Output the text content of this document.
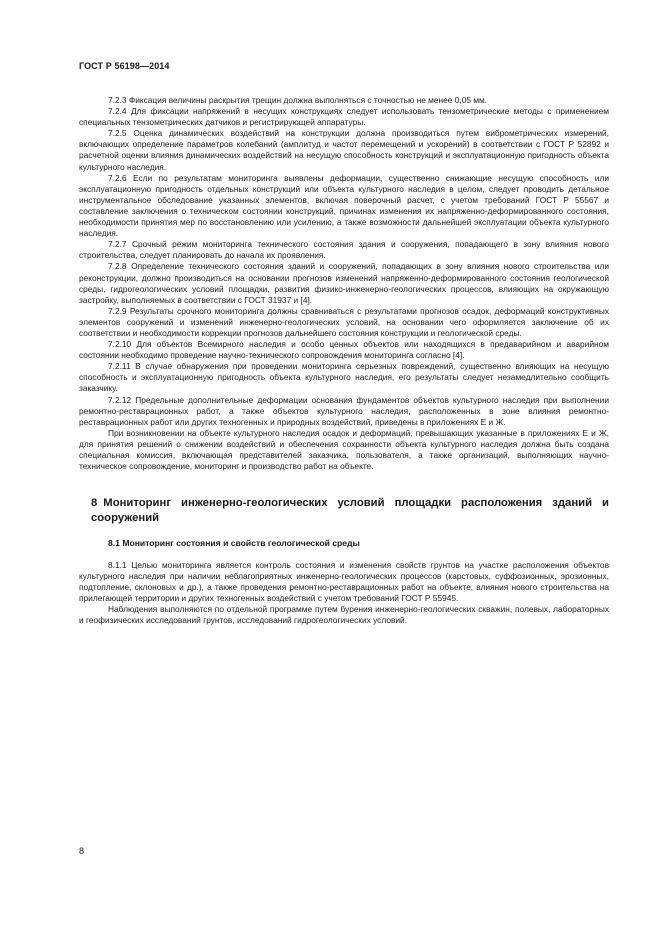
ГОСТ Р 56198—2014

7.2.3 Фиксация величины раскрытия трещин должна выполняться с точностью не менее 0,05 мм.

7.2.4 Для фиксации напряжений в несущих конструкциях следует использовать тензометрические методы с применением специальных тензометрических датчиков и регистрирующей аппаратуры.

7.2.5 Оценка динамических воздействий на конструкции должна производиться путем виброметрических измерений, включающих определение параметров колебаний (амплитуд и частот перемещений и ускорений) в соответствии с ГОСТ Р 52892 и расчетной оценки влияния динамических воздействий на несущую способность конструкций и эксплуатационную пригодность объекта культурного наследия.

7.2.6 Если по результатам мониторинга выявлены деформации, существенно снижающие несущую способность или эксплуатационную пригодность отдельных конструкций или объекта культурного наследия в целом, следует проводить детальное инструментальное обследование указанных элементов, включая поверочный расчет, с учетом требований ГОСТ Р 55567 и составление заключения о техническом состоянии конструкций, причинах изменения их напряженно-деформированного состояния, необходимости принятия мер по восстановлению или усилению, а также возможности дальнейшей эксплуатации объекта культурного наследия.

7.2.7 Срочный режим мониторинга технического состояния здания и сооружения, попадающего в зону влияния нового строительства, следует планировать до начала их проявления.

7.2.8 Определение технического состояния зданий и сооружений, попадающих в зону влияния нового строительства или реконструкции, должно производиться на основании прогнозов изменений напряженно-деформированного состояния геологической среды, гидрогеологических условий площадки, развития физико-инженерно-геологических процессов, влияющих на окружающую застройку, выполняемых в соответствии с ГОСТ 31937 и [4].

7.2.9 Результаты срочного мониторинга должны сравниваться с результатами прогнозов осадок, деформаций конструктивных элементов сооружений и изменений инженерно-геологических условий, на основании чего оформляется заключение об их соответствии и необходимости коррекции прогнозов дальнейшего состояния конструкции и геологической среды.

7.2.10 Для объектов Всемирного наследия и особо ценных объектов или находящихся в предаварийном и аварийном состоянии необходимо проведение научно-технического сопровождения мониторинга согласно [4].

7.2.11 В случае обнаружения при проведении мониторинга серьезных повреждений, существенно влияющих на несущую способность и эксплуатационную пригодность объекта культурного наследия, его результаты следует незамедлительно сообщить заказчику.

7.2.12 Предельные дополнительные деформации основания фундаментов объектов культурного наследия при выполнении ремонтно-реставрационных работ, а также объектов культурного наследия, расположенных в зоне влияния ремонтно-реставрационных работ или других техногенных и природных воздействий, приведены в приложениях Е и Ж.

При возникновении на объекте культурного наследия осадок и деформаций, превышающих указанные в приложениях Е и Ж, для принятия решений о снижении воздействий и обеспечения сохранности объекта культурного наследия должна быть создана специальная комиссия, включающая представителей заказчика, пользователя, а также организаций, выполняющих научно-техническое сопровождение, мониторинг и производство работ на объекте.

8 Мониторинг инженерно-геологических условий площадки расположения зданий и сооружений
8.1 Мониторинг состояния и свойств геологической среды

8.1.1 Целью мониторинга является контроль состояния и изменения свойств грунтов на участке расположения объектов культурного наследия при наличии неблагоприятных инженерно-геологических процессов (карстовых, суффозионных, эрозионных, подтопление, склоновых и др.), а также проведения ремонтно-реставрационных работ на объекте, влияния нового строительства на прилегающей территории и других техногенных воздействий с учетом требований ГОСТ Р 55945.

Наблюдения выполняются по отдельной программе путем бурения инженерно-геологических скважин, полевых, лабораторных и геофизических исследований грунтов, исследований гидрогеологических условий.

8
